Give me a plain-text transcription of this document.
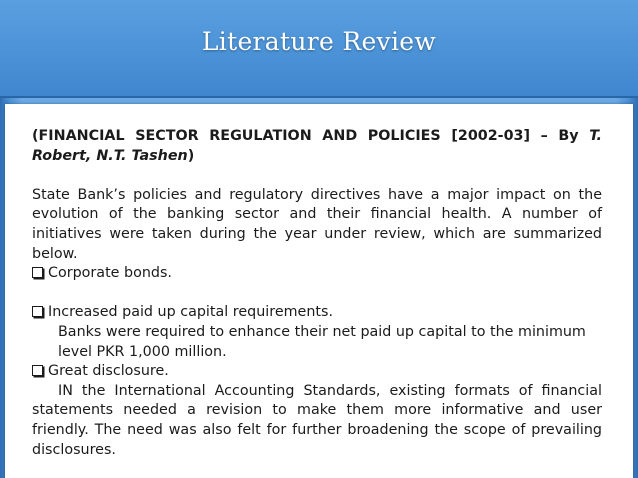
Literature Review

(FINANCIAL SECTOR REGULATION AND POLICIES [2002-03] – By T. Robert, N.T. Tashen)

State Bank’s policies and regulatory directives have a major impact on the evolution of the banking sector and their financial health. A number of initiatives were taken during the year under review, which are summarized below.

Corporate bonds.

Increased paid up capital requirements.

Banks were required to enhance their net paid up capital to the minimum level PKR 1,000 million.

Great disclosure.

IN the International Accounting Standards, existing formats of financial statements needed a revision to make them more informative and user friendly. The need was also felt for further broadening the scope of prevailing disclosures.
